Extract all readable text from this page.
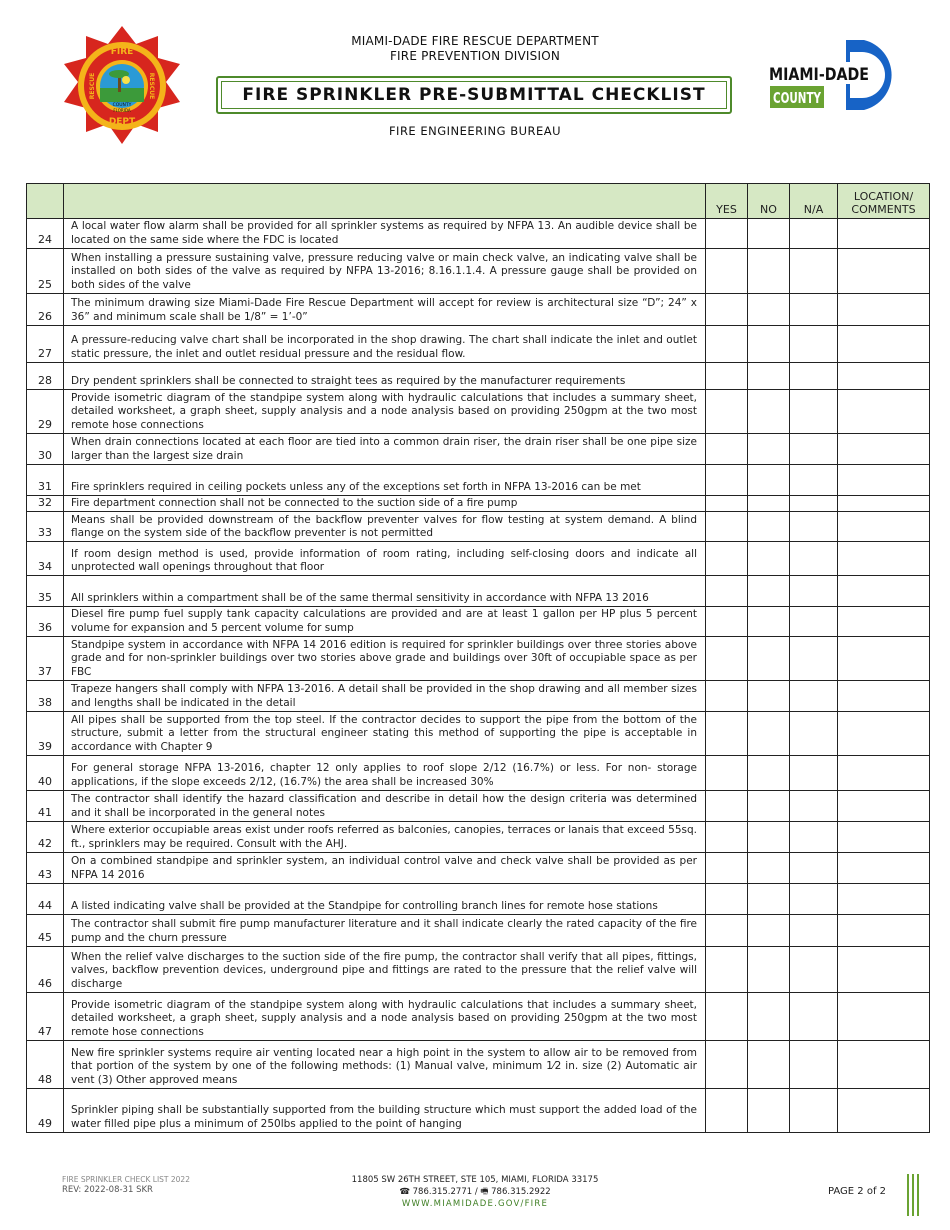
FIRE
DEPT
RESCUE	RESCUE
COUNTY
FLORIDA
MIAMI-DADE FIRE RESCUE DEPARTMENT
FIRE PREVENTION DIVISION
FIRE SPRINKLER PRE-SUBMITTAL CHECKLIST
FIRE ENGINEERING BUREAU
MIAMI-DADE
COUNTY
		YES	NO	N/A	LOCATION/ COMMENTS
24	A local water flow alarm shall be provided for all sprinkler systems as required by NFPA 13. An audible device shall be located on the same side where the FDC is located				
25	When installing a pressure sustaining valve, pressure reducing valve or main check valve, an indicating valve shall be installed on both sides of the valve as required by NFPA 13-2016; 8.16.1.1.4. A pressure gauge shall be provided on both sides of the valve				
26	The minimum drawing size Miami-Dade Fire Rescue Department will accept for review is architectural size “D”; 24” x 36” and minimum scale shall be 1/8” = 1’-0”				
27	A pressure-reducing valve chart shall be incorporated in the shop drawing. The chart shall indicate the inlet and outlet static pressure, the inlet and outlet residual pressure and the residual flow.				
28	Dry pendent sprinklers shall be connected to straight tees as required by the manufacturer requirements				
29	Provide isometric diagram of the standpipe system along with hydraulic calculations that includes a summary sheet, detailed worksheet, a graph sheet, supply analysis and a node analysis based on providing 250gpm at the two most remote hose connections				
30	When drain connections located at each floor are tied into a common drain riser, the drain riser shall be one pipe size larger than the largest size drain				
31	Fire sprinklers required in ceiling pockets unless any of the exceptions set forth in NFPA 13-2016 can be met				
32	Fire department connection shall not be connected to the suction side of a fire pump				
33	Means shall be provided downstream of the backflow preventer valves for flow testing at system demand. A blind flange on the system side of the backflow preventer is not permitted				
34	If room design method is used, provide information of room rating, including self-closing doors and indicate all unprotected wall openings throughout that floor				
35	All sprinklers within a compartment shall be of the same thermal sensitivity in accordance with NFPA 13 2016				
36	Diesel fire pump fuel supply tank capacity calculations are provided and are at least 1 gallon per HP plus 5 percent volume for expansion and 5 percent volume for sump				
37	Standpipe system in accordance with NFPA 14 2016 edition is required for sprinkler buildings over three stories above grade and for non-sprinkler buildings over two stories above grade and buildings over 30ft of occupiable space as per FBC				
38	Trapeze hangers shall comply with NFPA 13-2016. A detail shall be provided in the shop drawing and all member sizes and lengths shall be indicated in the detail				
39	All pipes shall be supported from the top steel. If the contractor decides to support the pipe from the bottom of the structure, submit a letter from the structural engineer stating this method of supporting the pipe is acceptable in accordance with Chapter 9				
40	For general storage NFPA 13-2016, chapter 12 only applies to roof slope 2/12 (16.7%) or less. For non- storage applications, if the slope exceeds 2/12, (16.7%) the area shall be increased 30%				
41	The contractor shall identify the hazard classification and describe in detail how the design criteria was determined and it shall be incorporated in the general notes				
42	Where exterior occupiable areas exist under roofs referred as balconies, canopies, terraces or lanais that exceed 55sq. ft., sprinklers may be required. Consult with the AHJ.				
43	On a combined standpipe and sprinkler system, an individual control valve and check valve shall be provided as per NFPA 14 2016				
44	A listed indicating valve shall be provided at the Standpipe for controlling branch lines for remote hose stations				
45	The contractor shall submit fire pump manufacturer literature and it shall indicate clearly the rated capacity of the fire pump and the churn pressure				
46	When the relief valve discharges to the suction side of the fire pump, the contractor shall verify that all pipes, fittings, valves, backflow prevention devices, underground pipe and fittings are rated to the pressure that the relief valve will discharge				
47	Provide isometric diagram of the standpipe system along with hydraulic calculations that includes a summary sheet, detailed worksheet, a graph sheet, supply analysis and a node analysis based on providing 250gpm at the two most remote hose connections				
48	New fire sprinkler systems require air venting located near a high point in the system to allow air to be removed from that portion of the system by one of the following methods: (1) Manual valve, minimum 1⁄2 in. size (2) Automatic air vent (3) Other approved means				
49	Sprinkler piping shall be substantially supported from the building structure which must support the added load of the water filled pipe plus a minimum of 250lbs applied to the point of hanging				
FIRE SPRINKLER CHECK LIST 2022
REV: 2022-08-31 SKR
11805 SW 26TH STREET, STE 105, MIAMI, FLORIDA 33175
☎ 786.315.2771 / 🖷 786.315.2922
WWW.MIAMIDADE.GOV/FIRE
PAGE 2 of 2
